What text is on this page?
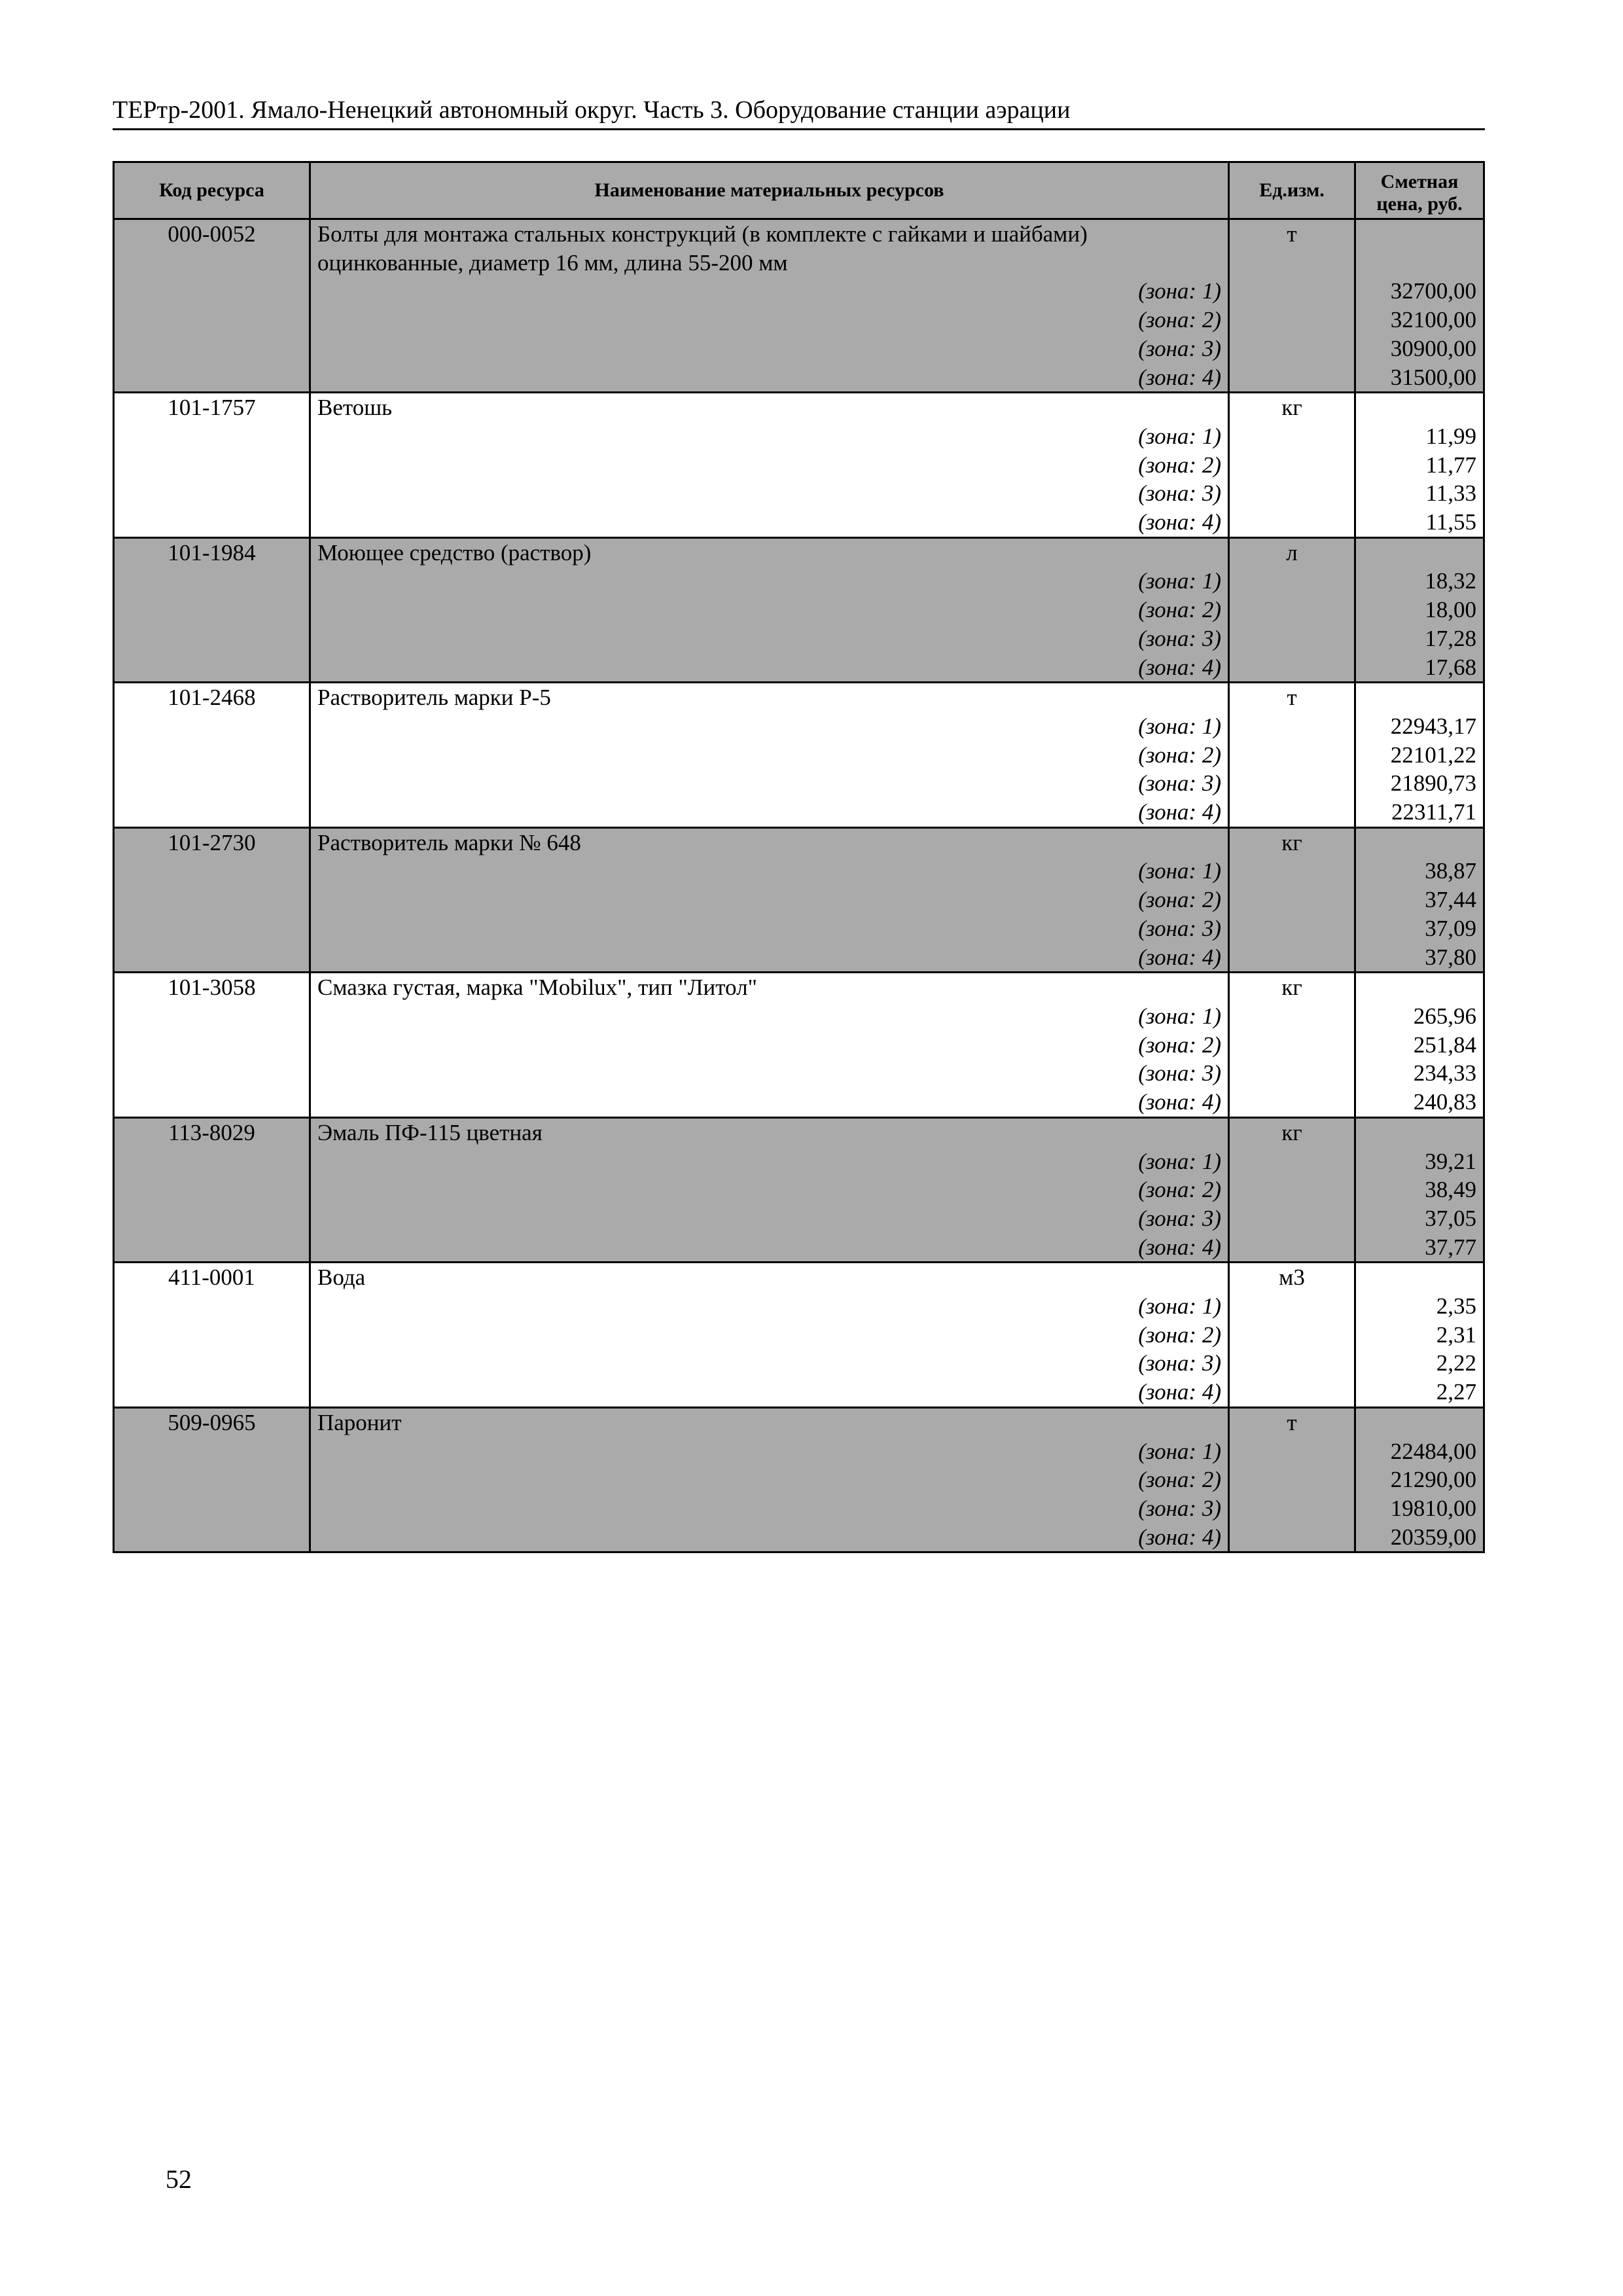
ТЕРтр-2001. Ямало-Ненецкий автономный округ. Часть 3. Оборудование станции аэрации
Код ресурса	Наименование материальных ресурсов	Ед.изм.	Сметная
цена, руб.
000-0052	Болты для монтажа стальных конструкций (в комплекте с гайками и шайбами)	т	
	оцинкованные, диаметр 16 мм, длина 55-200 мм		
	(зона: 1)		32700,00
	(зона: 2)		32100,00
	(зона: 3)		30900,00
	(зона: 4)		31500,00
101-1757	Ветошь	кг	
	(зона: 1)		11,99
	(зона: 2)		11,77
	(зона: 3)		11,33
	(зона: 4)		11,55
101-1984	Моющее средство (раствор)	л	
	(зона: 1)		18,32
	(зона: 2)		18,00
	(зона: 3)		17,28
	(зона: 4)		17,68
101-2468	Растворитель марки Р-5	т	
	(зона: 1)		22943,17
	(зона: 2)		22101,22
	(зона: 3)		21890,73
	(зона: 4)		22311,71
101-2730	Растворитель марки № 648	кг	
	(зона: 1)		38,87
	(зона: 2)		37,44
	(зона: 3)		37,09
	(зона: 4)		37,80
101-3058	Смазка густая, марка "Mobilux", тип "Литол"	кг	
	(зона: 1)		265,96
	(зона: 2)		251,84
	(зона: 3)		234,33
	(зона: 4)		240,83
113-8029	Эмаль ПФ-115 цветная	кг	
	(зона: 1)		39,21
	(зона: 2)		38,49
	(зона: 3)		37,05
	(зона: 4)		37,77
411-0001	Вода	м3	
	(зона: 1)		2,35
	(зона: 2)		2,31
	(зона: 3)		2,22
	(зона: 4)		2,27
509-0965	Паронит	т	
	(зона: 1)		22484,00
	(зона: 2)		21290,00
	(зона: 3)		19810,00
	(зона: 4)		20359,00
52
